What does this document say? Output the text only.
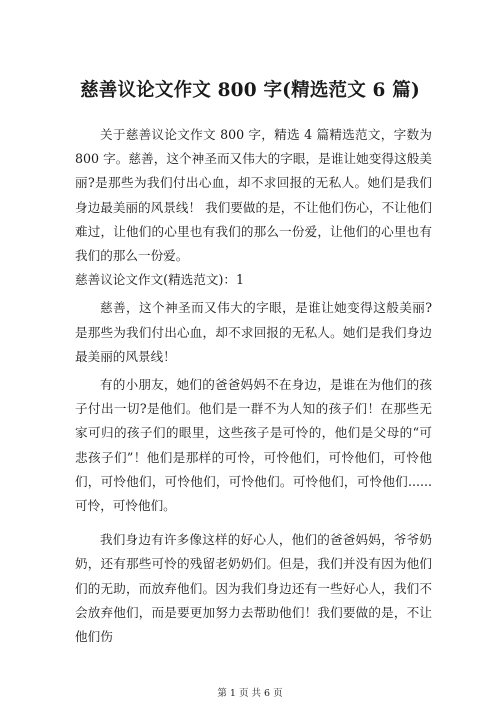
慈善议论文作文 800 字(精选范文 6 篇)

关于慈善议论文作文 800 字，精选 4 篇精选范文，字数为 800 字。慈善，这个神圣而又伟大的字眼，是谁让她变得这般美丽?是那些为我们付出心血，却不求回报的无私人。她们是我们身边最美丽的风景线！ 我们要做的是，不让他们伤心，不让他们难过，让他们的心里也有我们的那么一份爱，让他们的心里也有我们的那么一份爱。

慈善议论文作文(精选范文)：1

慈善，这个神圣而又伟大的字眼，是谁让她变得这般美丽?是那些为我们付出心血，却不求回报的无私人。她们是我们身边最美丽的风景线！

有的小朋友，她们的爸爸妈妈不在身边，是谁在为他们的孩子付出一切?是他们。他们是一群不为人知的孩子们！在那些无家可归的孩子们的眼里，这些孩子是可怜的，他们是父母的“可悲孩子们”！他们是那样的可怜，可怜他们，可怜他们，可怜他们，可怜他们，可怜他们，可怜他们。可怜他们，可怜他们......可怜，可怜他们。

我们身边有许多像这样的好心人，他们的爸爸妈妈，爷爷奶奶，还有那些可怜的残留老奶奶们。但是，我们并没有因为他们们的无助，而放弃他们。因为我们身边还有一些好心人，我们不会放弃他们，而是要更加努力去帮助他们！我们要做的是，不让他们伤

第 1 页 共 6 页
